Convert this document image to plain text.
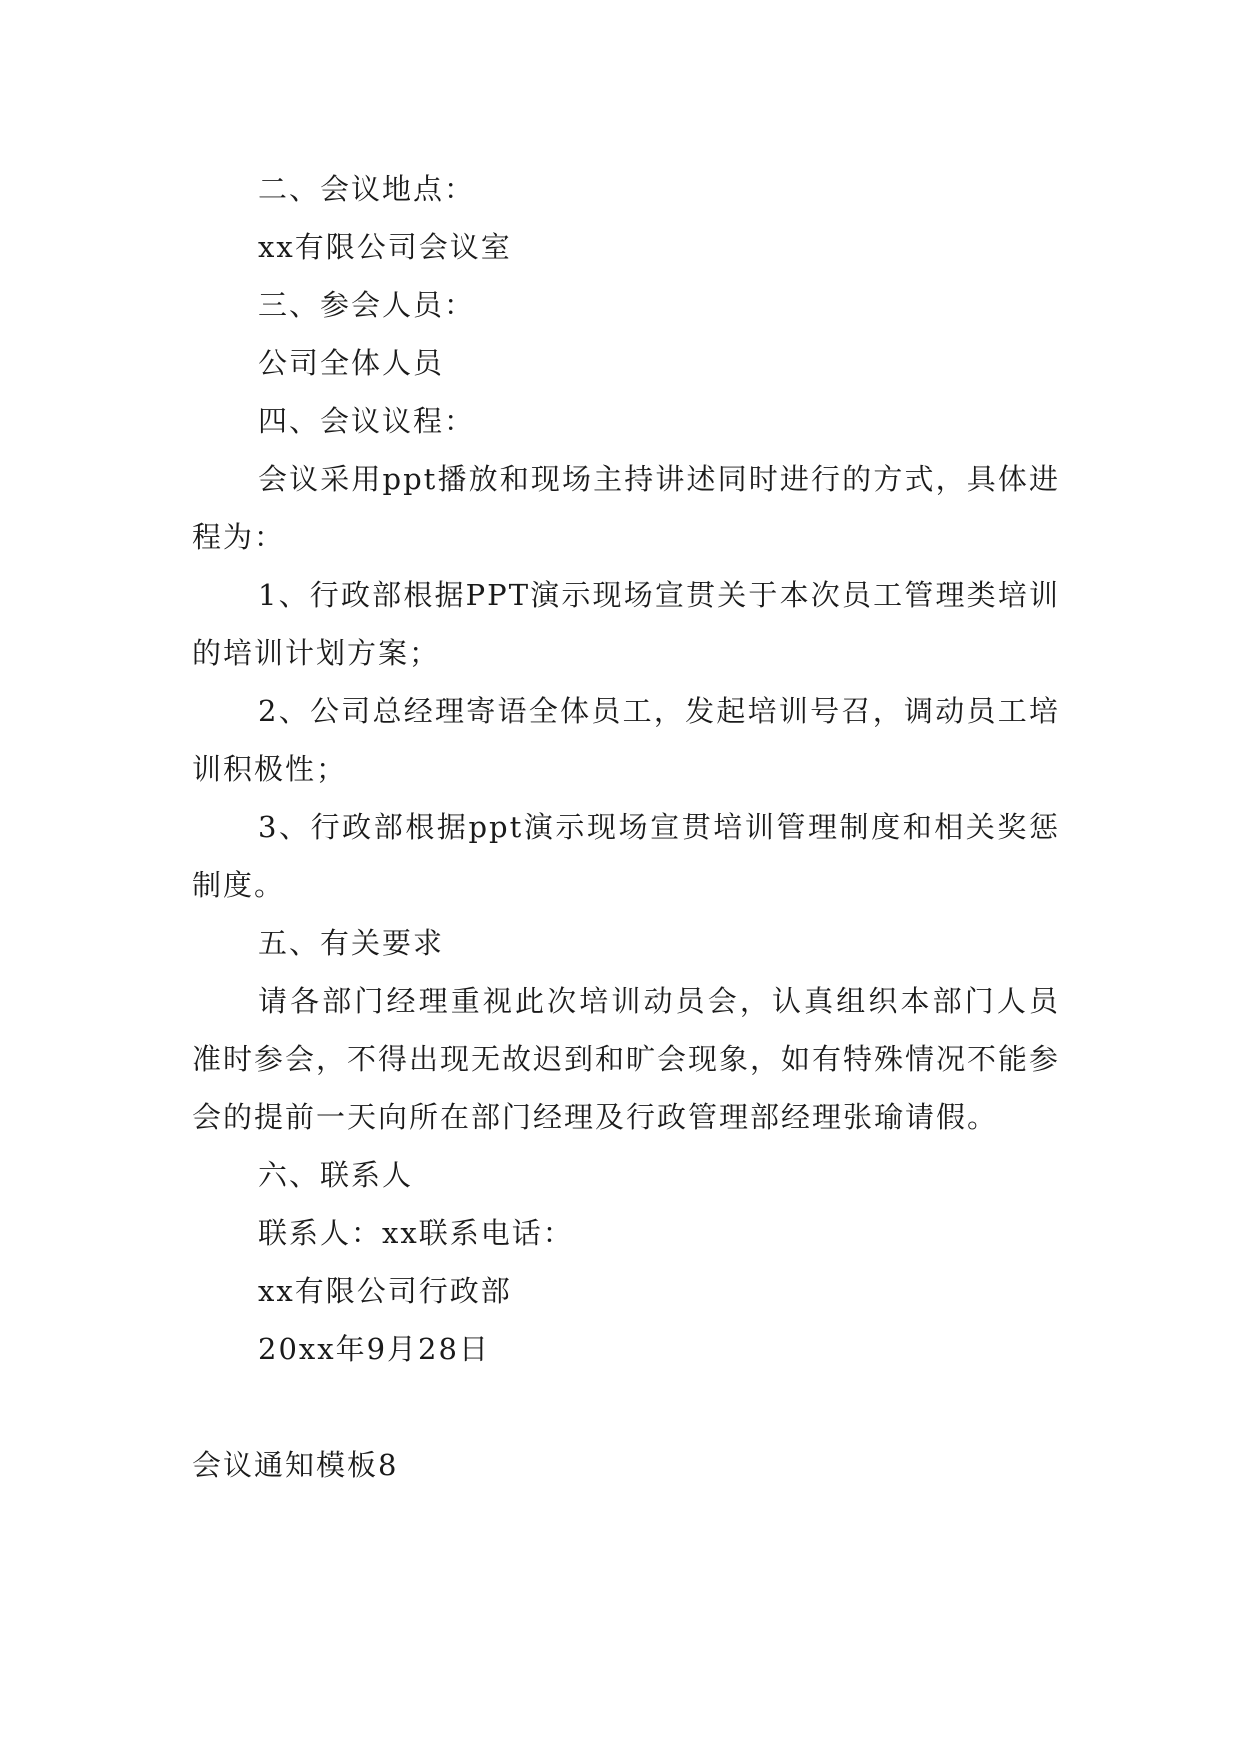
二、会议地点：

xx有限公司会议室

三、参会人员：

公司全体人员

四、会议议程：

会议采用ppt播放和现场主持讲述同时进行的方式，具体进程为：

1、行政部根据PPT演示现场宣贯关于本次员工管理类培训的培训计划方案；

2、公司总经理寄语全体员工，发起培训号召，调动员工培训积极性；

3、行政部根据ppt演示现场宣贯培训管理制度和相关奖惩制度。

五、有关要求

请各部门经理重视此次培训动员会，认真组织本部门人员准时参会，不得出现无故迟到和旷会现象，如有特殊情况不能参会的提前一天向所在部门经理及行政管理部经理张瑜请假。

六、联系人

联系人：xx联系电话：

xx有限公司行政部

20xx年9月28日

会议通知模板8
